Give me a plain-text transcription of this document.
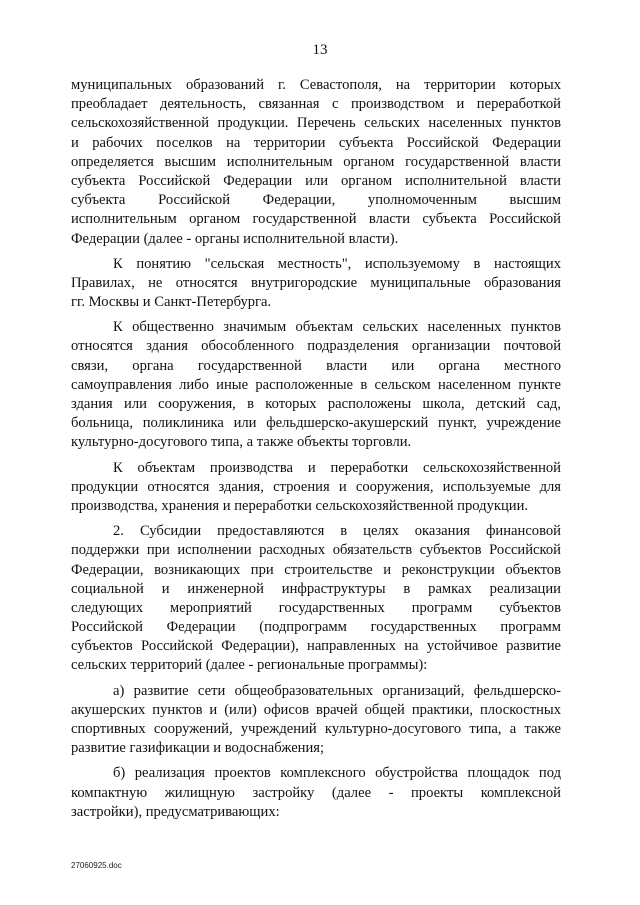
13
муниципальных образований г. Севастополя, на территории которых
преобладает деятельность, связанная с производством и переработкой
сельскохозяйственной продукции. Перечень сельских населенных пунктов
и рабочих поселков на территории субъекта Российской Федерации
определяется высшим исполнительным органом государственной власти
субъекта Российской Федерации или органом исполнительной власти
субъекта Российской Федерации, уполномоченным высшим
исполнительным органом государственной власти субъекта Российской
Федерации (далее - органы исполнительной власти).
К понятию "сельская местность", используемому в настоящих
Правилах, не относятся внутригородские муниципальные образования
гг. Москвы и Санкт-Петербурга.
К общественно значимым объектам сельских населенных пунктов
относятся здания обособленного подразделения организации почтовой
связи, органа государственной власти или органа местного
самоуправления либо иные расположенные в сельском населенном пункте
здания или сооружения, в которых расположены школа, детский сад,
больница, поликлиника или фельдшерско-акушерский пункт, учреждение
культурно-досугового типа, а также объекты торговли.
К объектам производства и переработки сельскохозяйственной
продукции относятся здания, строения и сооружения, используемые для
производства, хранения и переработки сельскохозяйственной продукции.
2. Субсидии предоставляются в целях оказания финансовой
поддержки при исполнении расходных обязательств субъектов Российской
Федерации, возникающих при строительстве и реконструкции объектов
социальной и инженерной инфраструктуры в рамках реализации
следующих мероприятий государственных программ субъектов
Российской Федерации (подпрограмм государственных программ
субъектов Российской Федерации), направленных на устойчивое развитие
сельских территорий (далее - региональные программы):
а) развитие сети общеобразовательных организаций, фельдшерско-
акушерских пунктов и (или) офисов врачей общей практики, плоскостных
спортивных сооружений, учреждений культурно-досугового типа, а также
развитие газификации и водоснабжения;
б) реализация проектов комплексного обустройства площадок под
компактную жилищную застройку (далее - проекты комплексной
застройки), предусматривающих:
27060925.doc
